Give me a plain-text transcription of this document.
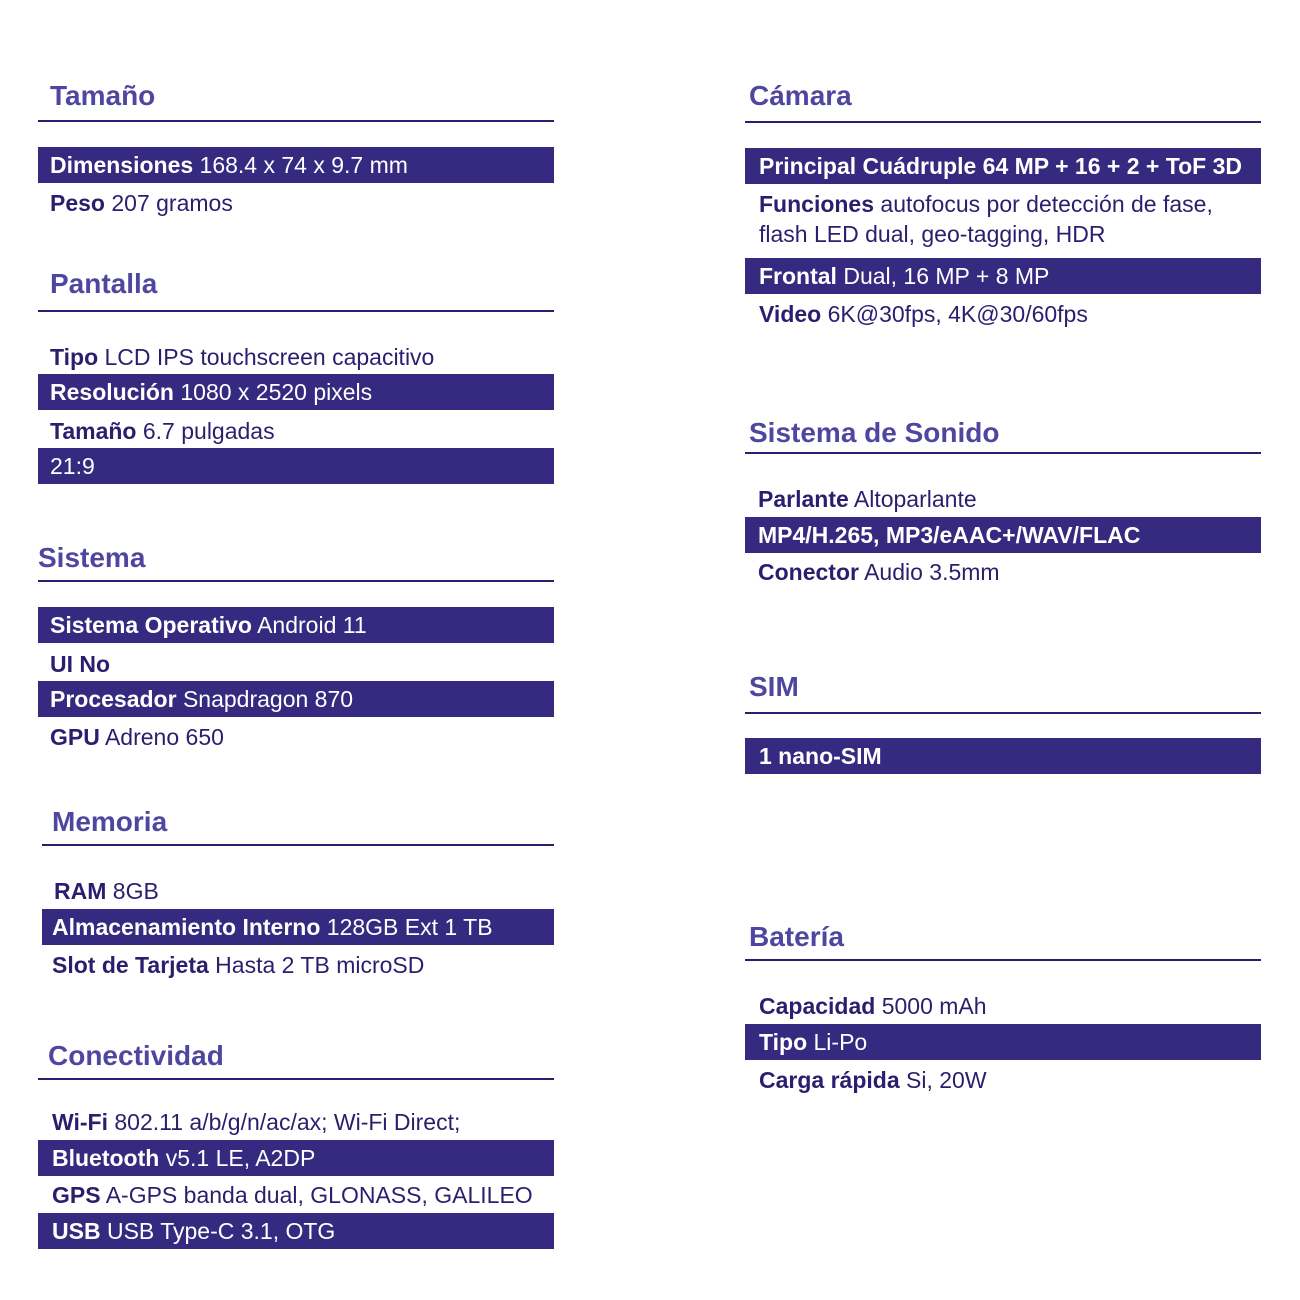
Tamaño
Dimensiones 168.4 x 74 x 9.7 mm
Peso 207 gramos
Pantalla
Tipo LCD IPS touchscreen capacitivo
Resolución 1080 x 2520 pixels
Tamaño 6.7 pulgadas
21:9
Sistema
Sistema Operativo Android 11
UI No
Procesador Snapdragon 870
GPU Adreno 650
Memoria
RAM 8GB
Almacenamiento Interno 128GB Ext 1 TB
Slot de Tarjeta Hasta 2 TB microSD
Conectividad
Wi-Fi 802.11 a/b/g/n/ac/ax; Wi-Fi Direct;
Bluetooth v5.1 LE, A2DP
GPS A-GPS banda dual, GLONASS, GALILEO
USB USB Type-C 3.1, OTG
Cámara
Principal Cuádruple 64 MP + 16 + 2 + ToF 3D
Funciones autofocus por detección de fase, flash LED dual, geo-tagging, HDR
Frontal Dual, 16 MP + 8 MP
Video 6K@30fps, 4K@30/60fps
Sistema de Sonido
Parlante Altoparlante
MP4/H.265, MP3/eAAC+/WAV/FLAC
Conector Audio 3.5mm
SIM
1 nano-SIM
Batería
Capacidad 5000 mAh
Tipo Li-Po
Carga rápida Si, 20W
